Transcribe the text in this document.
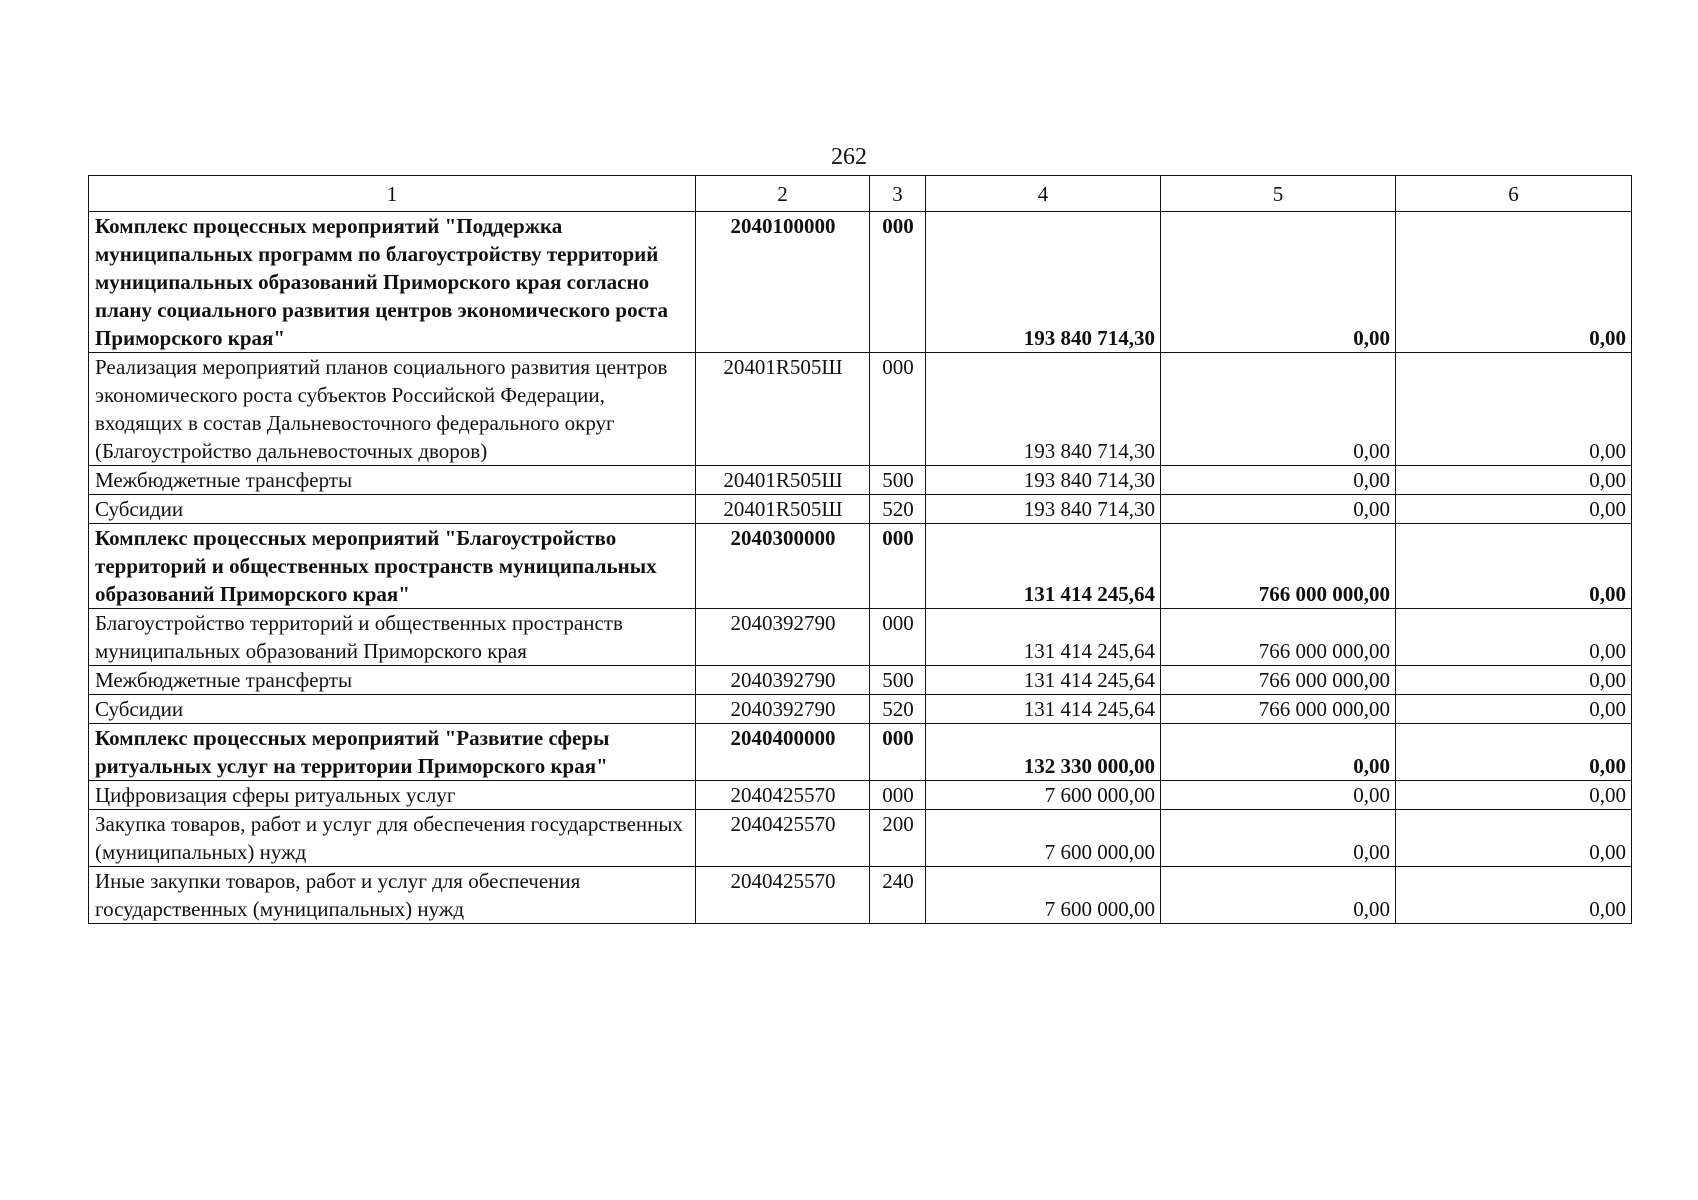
262
1	2	3	4	5	6
Комплекс процессных мероприятий "Поддержка муниципальных программ по благоустройству территорий муниципальных образований Приморского края согласно плану социального развития центров экономического роста Приморского края"	2040100000	000	193 840 714,30	0,00	0,00
Реализация мероприятий планов социального развития центров экономического роста субъектов Российской Федерации, входящих в состав Дальневосточного федерального округ (Благоустройство дальневосточных дворов)	20401R505Ш	000	193 840 714,30	0,00	0,00
Межбюджетные трансферты	20401R505Ш	500	193 840 714,30	0,00	0,00
Субсидии	20401R505Ш	520	193 840 714,30	0,00	0,00
Комплекс процессных мероприятий "Благоустройство территорий и общественных пространств муниципальных образований Приморского края"	2040300000	000	131 414 245,64	766 000 000,00	0,00
Благоустройство территорий и общественных пространств муниципальных образований Приморского края	2040392790	000	131 414 245,64	766 000 000,00	0,00
Межбюджетные трансферты	2040392790	500	131 414 245,64	766 000 000,00	0,00
Субсидии	2040392790	520	131 414 245,64	766 000 000,00	0,00
Комплекс процессных мероприятий "Развитие сферы ритуальных услуг на территории Приморского края"	2040400000	000	132 330 000,00	0,00	0,00
Цифровизация сферы ритуальных услуг	2040425570	000	7 600 000,00	0,00	0,00
Закупка товаров, работ и услуг для обеспечения государственных (муниципальных) нужд	2040425570	200	7 600 000,00	0,00	0,00
Иные закупки товаров, работ и услуг для обеспечения государственных (муниципальных) нужд	2040425570	240	7 600 000,00	0,00	0,00
